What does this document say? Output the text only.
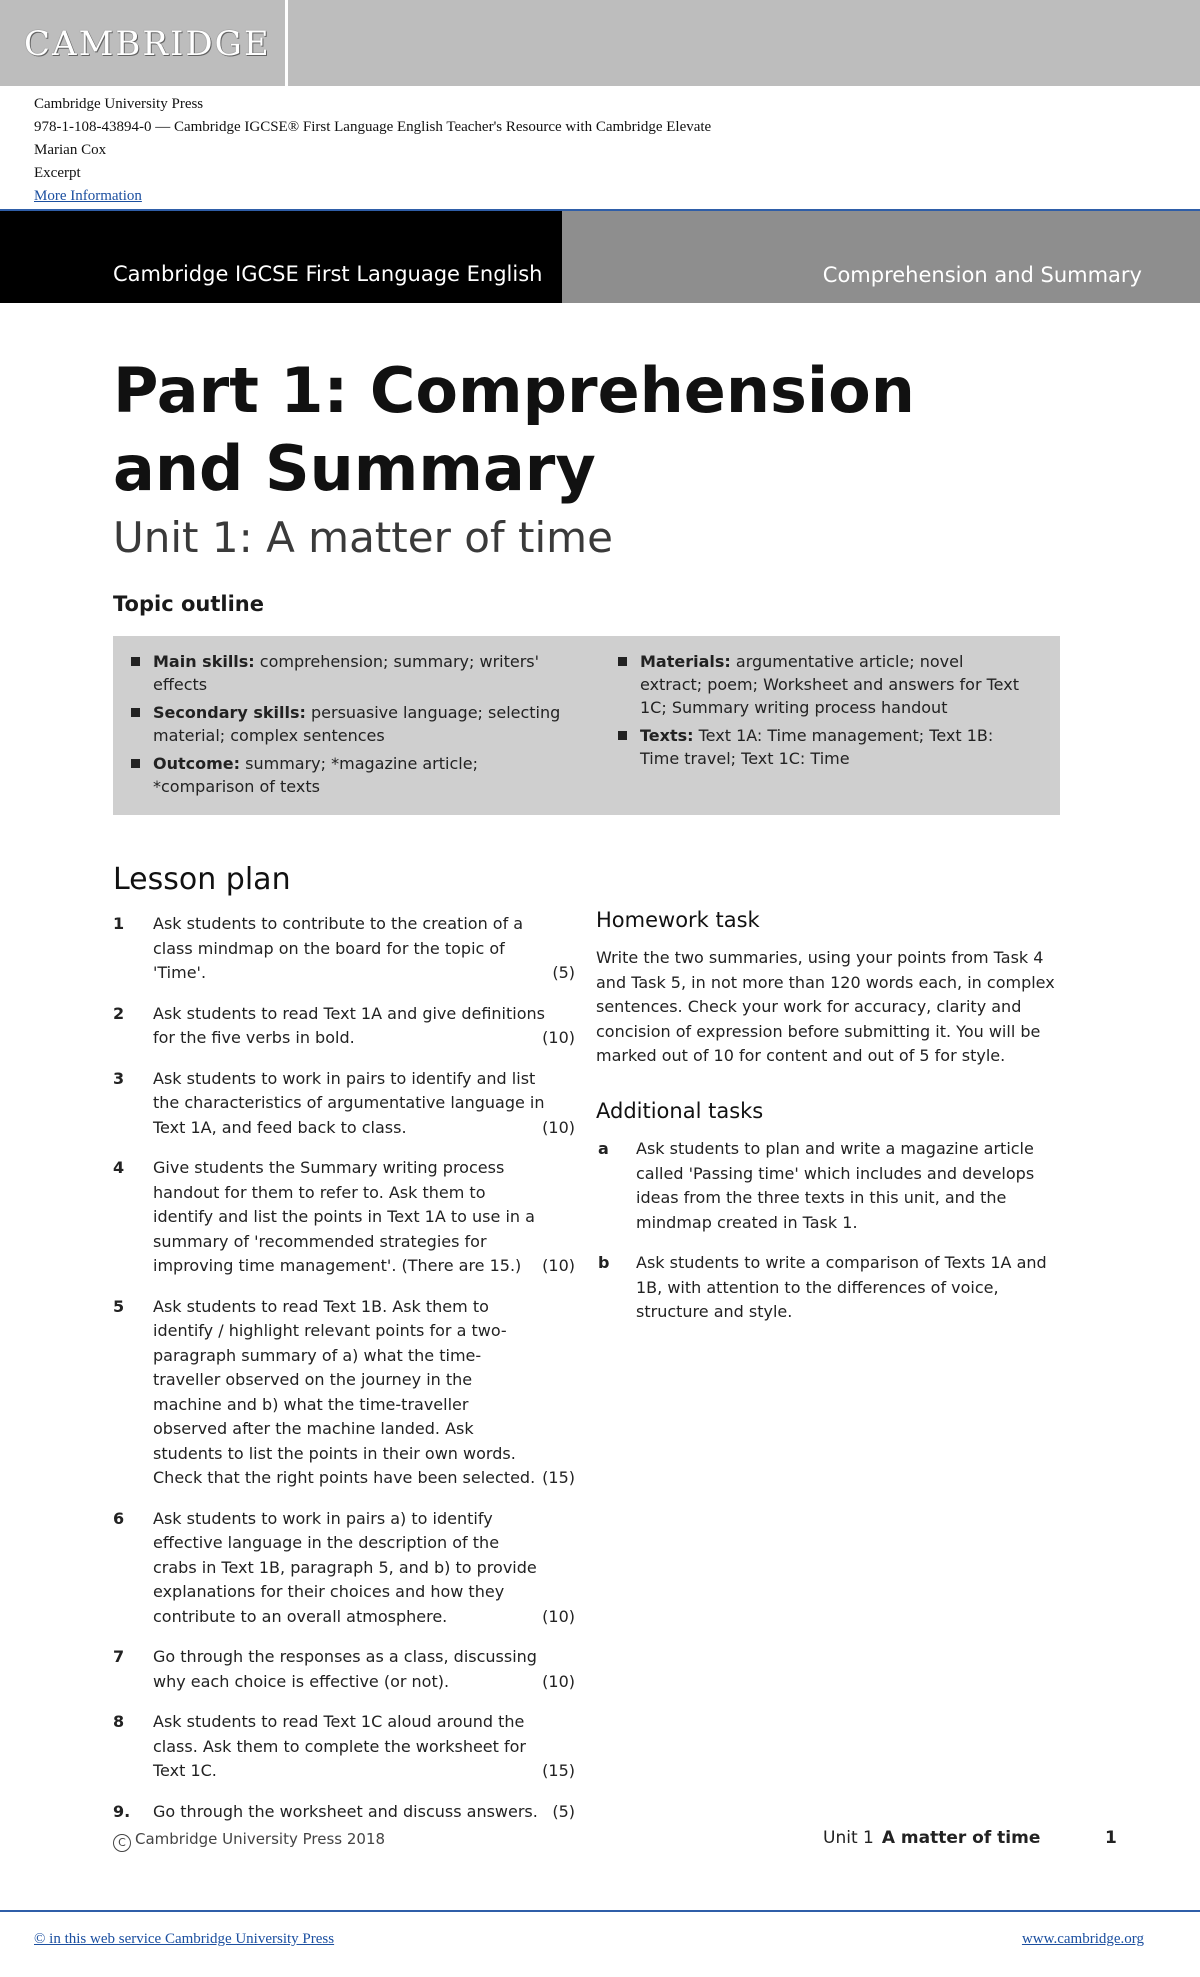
CAMBRIDGE
Cambridge University Press
978-1-108-43894-0 — Cambridge IGCSE® First Language English Teacher's Resource with Cambridge Elevate
Marian Cox
Excerpt
More Information
Cambridge IGCSE First Language English	Comprehension and Summary
Part 1: Comprehension and Summary
Unit 1: A matter of time
Topic outline
Main skills: comprehension; summary; writers' effects
Secondary skills: persuasive language; selecting material; complex sentences
Outcome: summary; *magazine article; *comparison of texts
Materials: argumentative article; novel extract; poem; Worksheet and answers for Text 1C; Summary writing process handout
Texts: Text 1A: Time management; Text 1B: Time travel; Text 1C: Time
Lesson plan
1 Ask students to contribute to the creation of a class mindmap on the board for the topic of 'Time'.	(5)
2 Ask students to read Text 1A and give definitions for the five verbs in bold.	(10)
3 Ask students to work in pairs to identify and list the characteristics of argumentative language in Text 1A, and feed back to class.	(10)
4 Give students the Summary writing process handout for them to refer to. Ask them to identify and list the points in Text 1A to use in a summary of 'recommended strategies for improving time management'. (There are 15.)	(10)
5 Ask students to read Text 1B. Ask them to identify / highlight relevant points for a two-paragraph summary of a) what the time-traveller observed on the journey in the machine and b) what the time-traveller observed after the machine landed. Ask students to list the points in their own words. Check that the right points have been selected. (15)
6 Ask students to work in pairs a) to identify effective language in the description of the crabs in Text 1B, paragraph 5, and b) to provide explanations for their choices and how they contribute to an overall atmosphere.	(10)
7 Go through the responses as a class, discussing why each choice is effective (or not).	(10)
8 Ask students to read Text 1C aloud around the class. Ask them to complete the worksheet for Text 1C.	(15)
9. Go through the worksheet and discuss answers. (5)
Homework task
Write the two summaries, using your points from Task 4 and Task 5, in not more than 120 words each, in complex sentences. Check your work for accuracy, clarity and concision of expression before submitting it. You will be marked out of 10 for content and out of 5 for style.
Additional tasks
a Ask students to plan and write a magazine article called 'Passing time' which includes and develops ideas from the three texts in this unit, and the mindmap created in Task 1.
b Ask students to write a comparison of Texts 1A and 1B, with attention to the differences of voice, structure and style.
C Cambridge University Press 2018	Unit 1 A matter of time	1
© in this web service Cambridge University Press	www.cambridge.org
